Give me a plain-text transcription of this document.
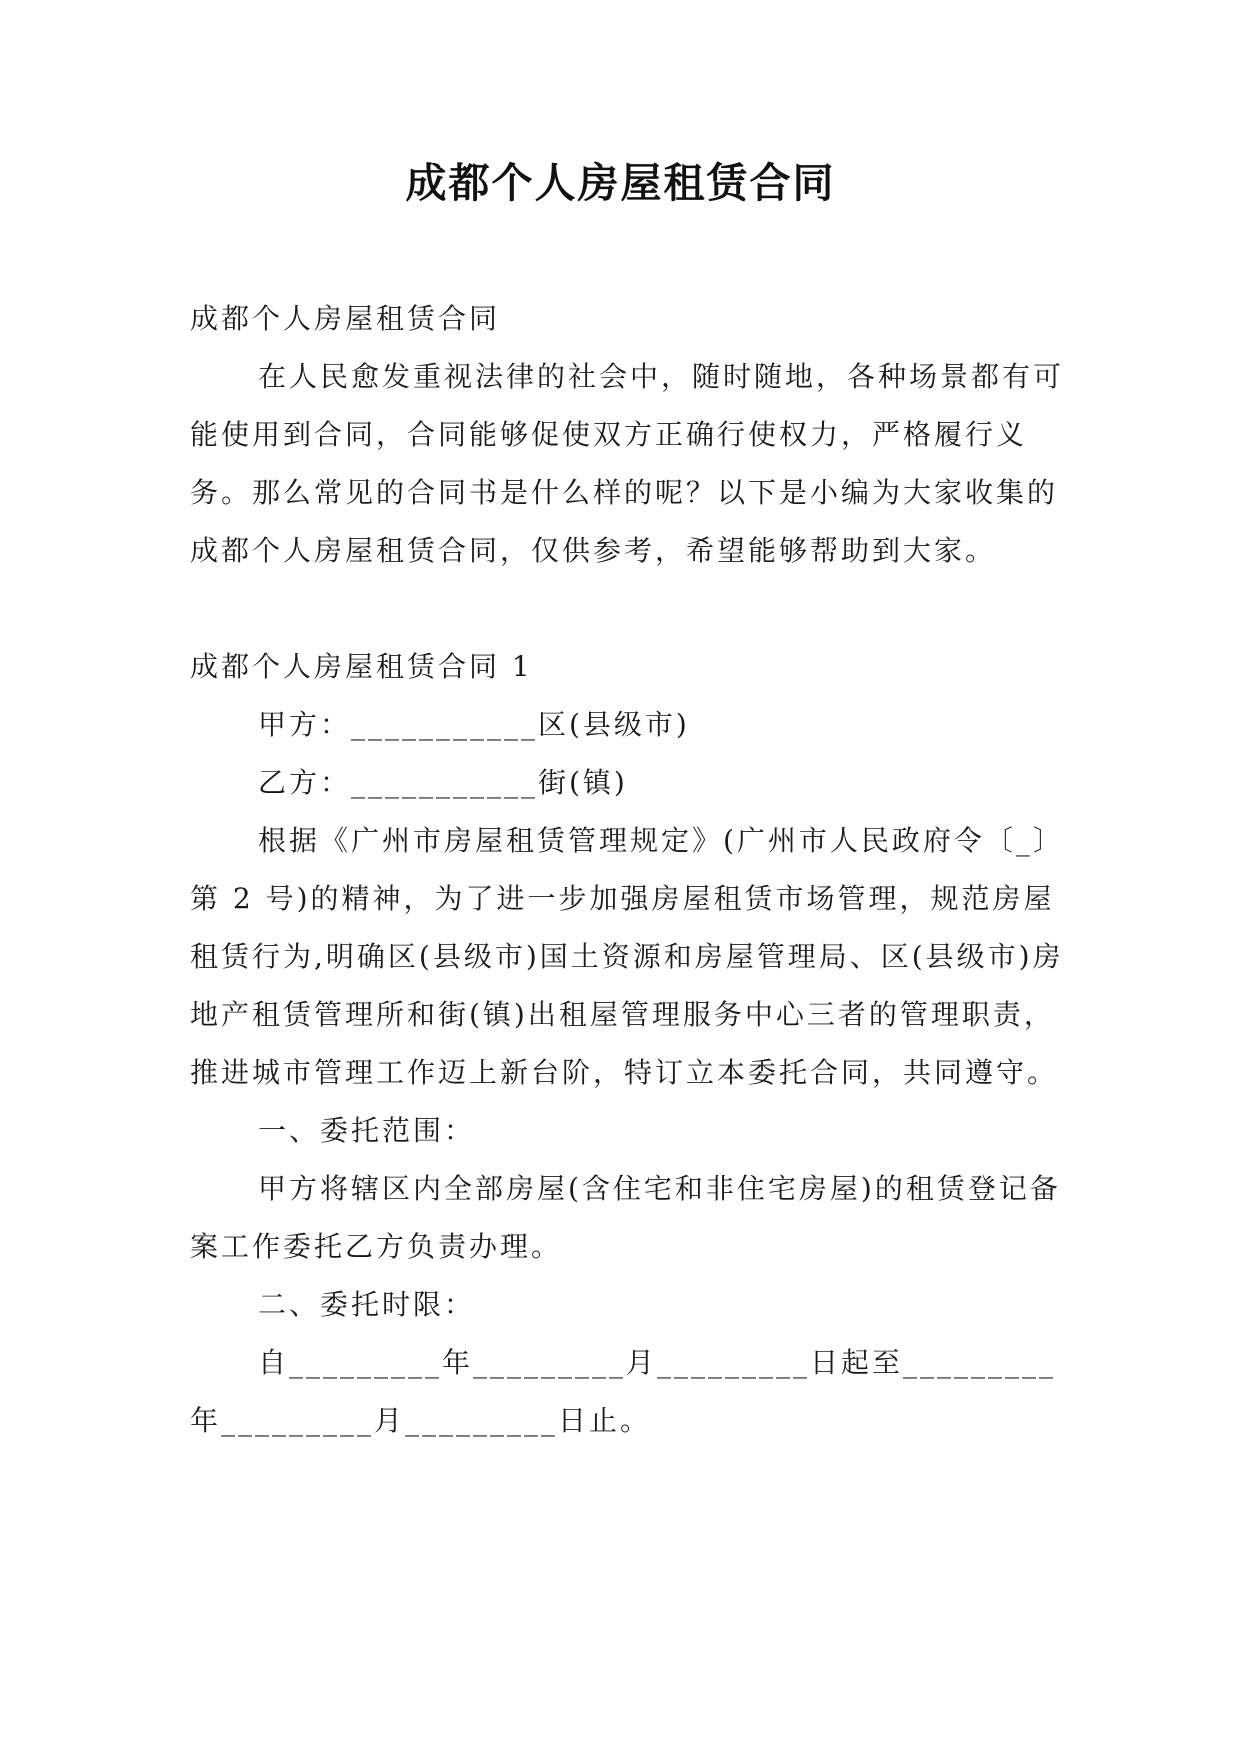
成都个人房屋租赁合同

成都个人房屋租赁合同

在人民愈发重视法律的社会中，随时随地，各种场景都有可能使用到合同，合同能够促使双方正确行使权力，严格履行义务。那么常见的合同书是什么样的呢？以下是小编为大家收集的成都个人房屋租赁合同，仅供参考，希望能够帮助到大家。

成都个人房屋租赁合同 1

甲方：___________区(县级市)

乙方：___________街(镇)

根据《广州市房屋租赁管理规定》(广州市人民政府令〔_〕第 2 号)的精神，为了进一步加强房屋租赁市场管理，规范房屋租赁行为,明确区(县级市)国土资源和房屋管理局、区(县级市)房地产租赁管理所和街(镇)出租屋管理服务中心三者的管理职责，推进城市管理工作迈上新台阶，特订立本委托合同，共同遵守。

一、委托范围：

甲方将辖区内全部房屋(含住宅和非住宅房屋)的租赁登记备案工作委托乙方负责办理。

二、委托时限：

自_________年_________月_________日起至_________年_________月_________日止。
